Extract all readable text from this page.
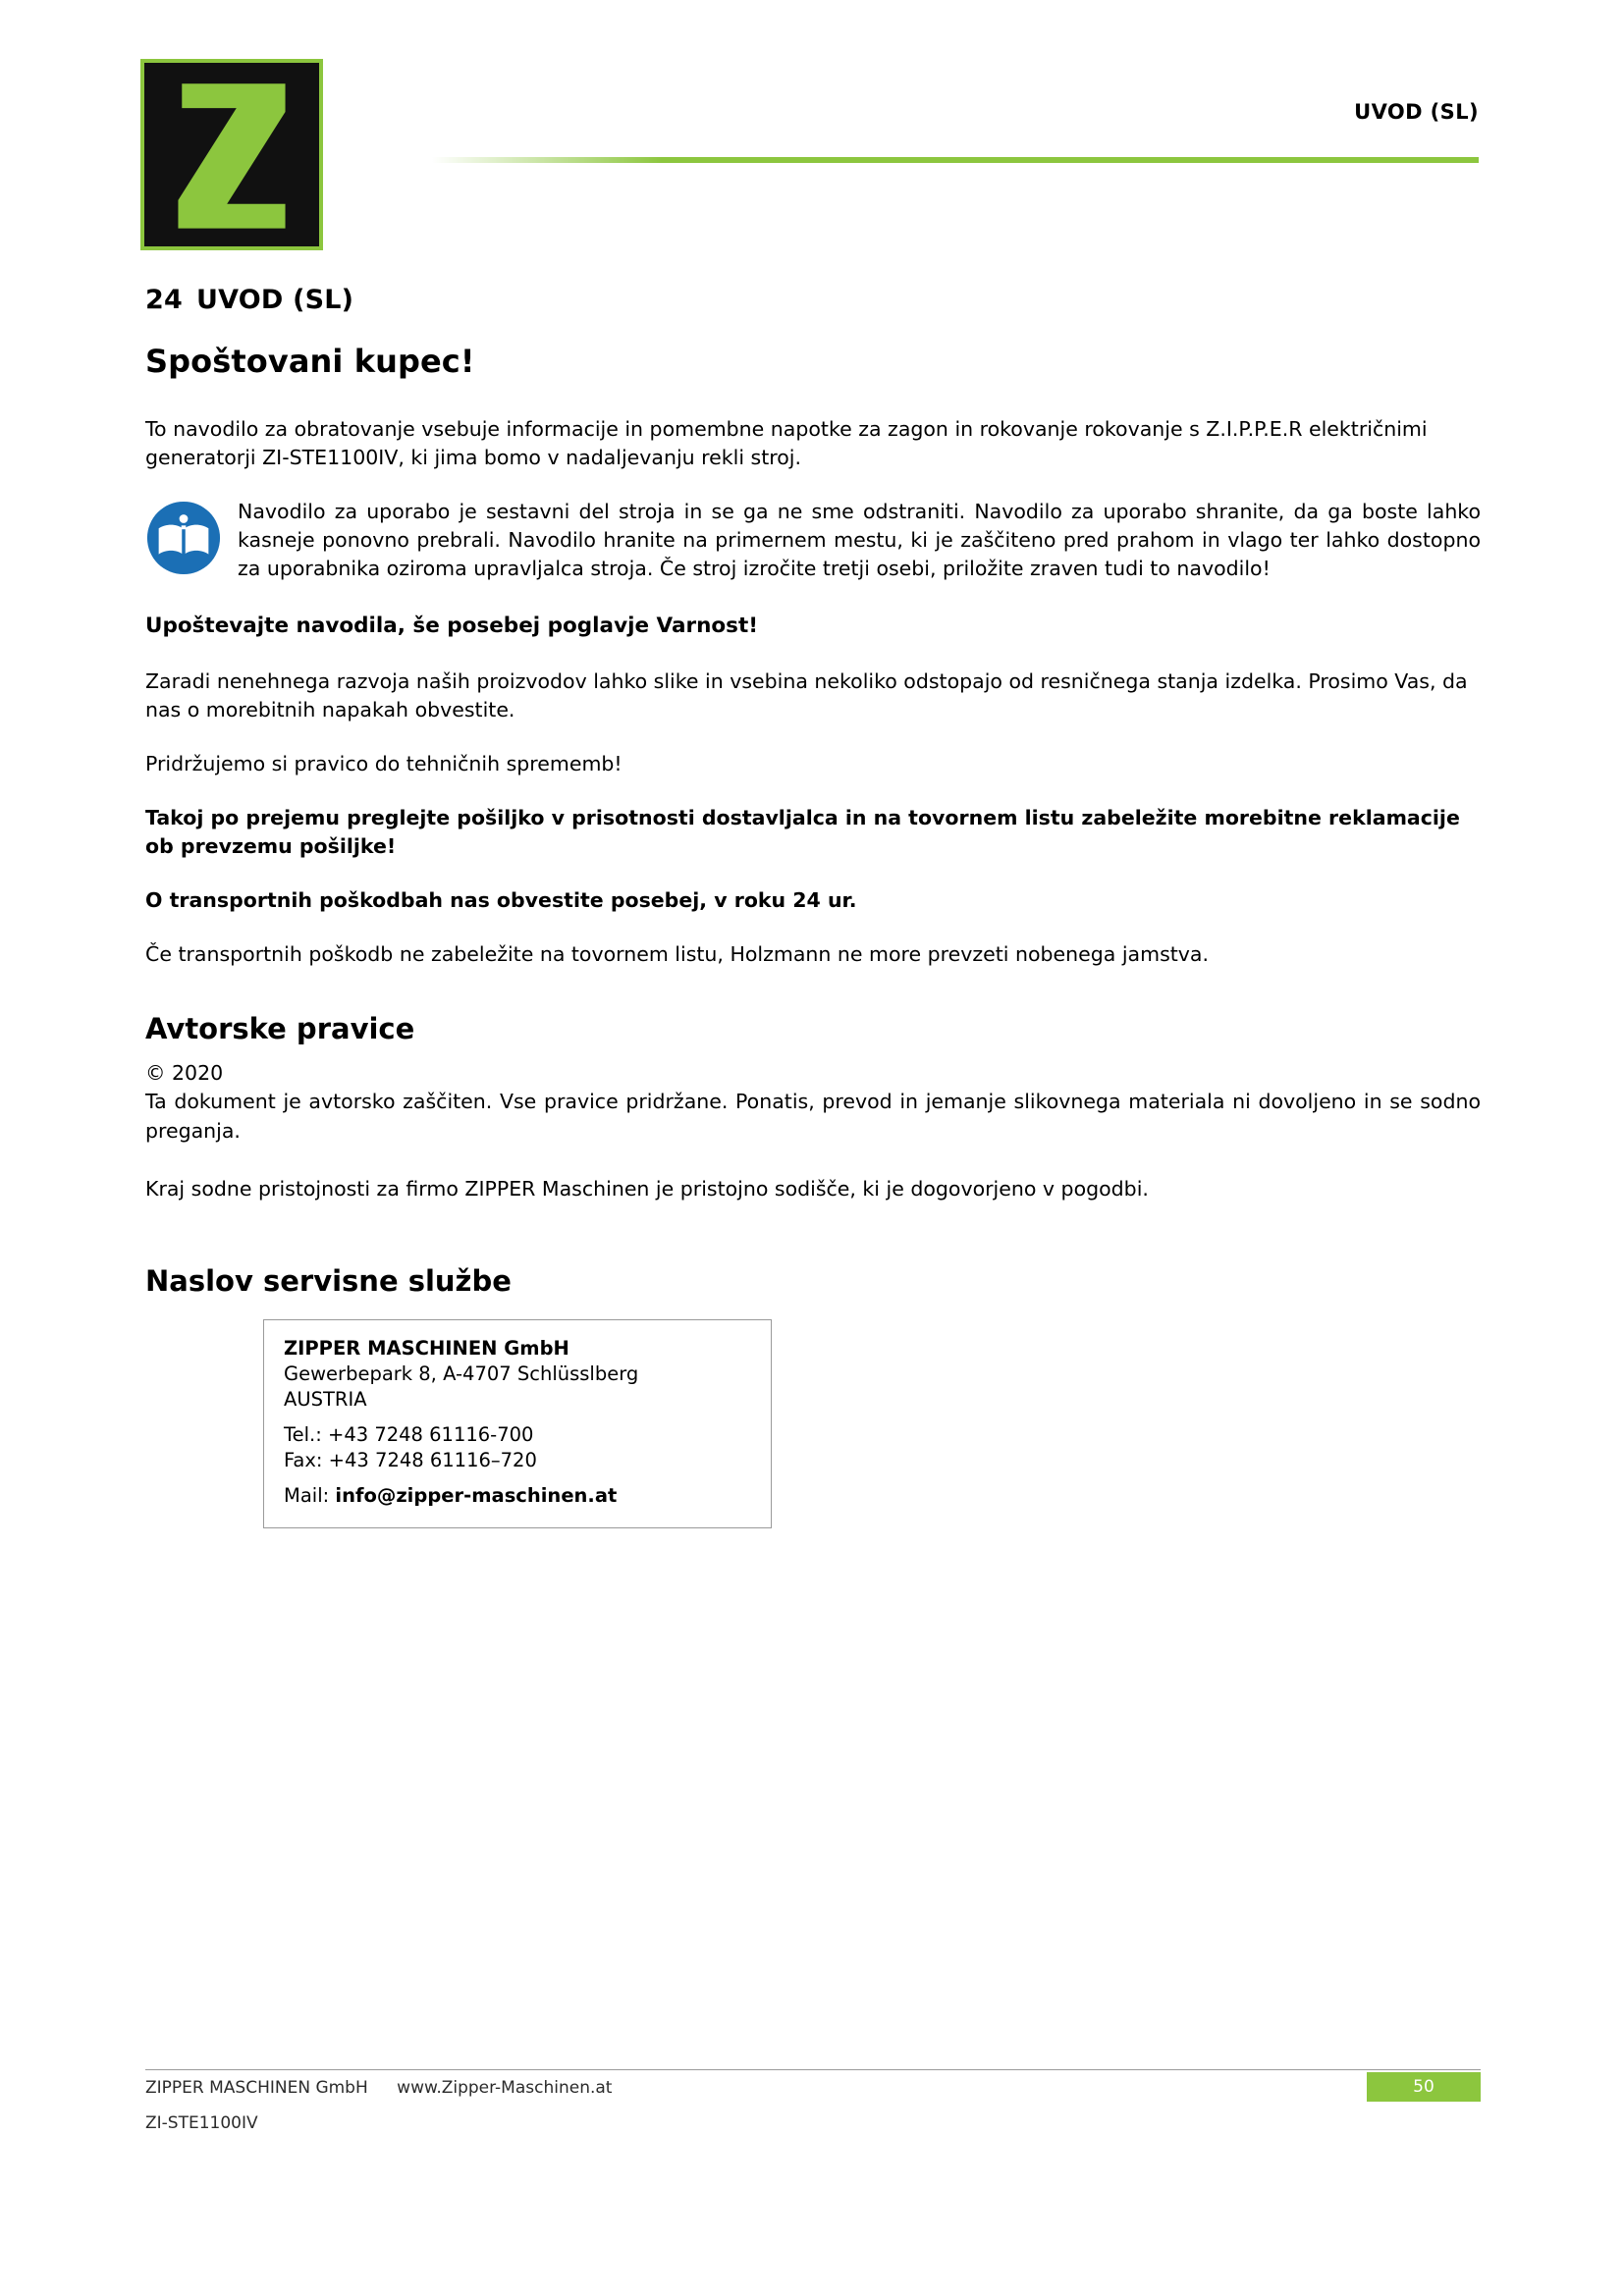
UVOD (SL)
24 UVOD (SL)
Spoštovani kupec!

To navodilo za obratovanje vsebuje informacije in pomembne napotke za zagon in rokovanje rokovanje s Z.I.P.P.E.R električnimi generatorji ZI-STE1100IV, ki jima bomo v nadaljevanju rekli stroj.

Navodilo za uporabo je sestavni del stroja in se ga ne sme odstraniti. Navodilo za uporabo shranite, da ga boste lahko kasneje ponovno prebrali. Navodilo hranite na primernem mestu, ki je zaščiteno pred prahom in vlago ter lahko dostopno za uporabnika oziroma upravljalca stroja. Če stroj izročite tretji osebi, priložite zraven tudi to navodilo!
Upoštevajte navodila, še posebej poglavje Varnost!

Zaradi nenehnega razvoja naših proizvodov lahko slike in vsebina nekoliko odstopajo od resničnega stanja izdelka. Prosimo Vas, da nas o morebitnih napakah obvestite.

Pridržujemo si pravico do tehničnih sprememb!

Takoj po prejemu preglejte pošiljko v prisotnosti dostavljalca in na tovornem listu zabeležite morebitne reklamacije ob prevzemu pošiljke!

O transportnih poškodbah nas obvestite posebej, v roku 24 ur.

Če transportnih poškodb ne zabeležite na tovornem listu, Holzmann ne more prevzeti nobenega jamstva.

Avtorske pravice

© 2020

Ta dokument je avtorsko zaščiten. Vse pravice pridržane. Ponatis, prevod in jemanje slikovnega materiala ni dovoljeno in se sodno preganja.

Kraj sodne pristojnosti za firmo ZIPPER Maschinen je pristojno sodišče, ki je dogovorjeno v pogodbi.

Naslov servisne službe

ZIPPER MASCHINEN GmbH

Gewerbepark 8, A-4707 Schlüsslberg

AUSTRIA

Tel.: +43 7248 61116-700

Fax: +43 7248 61116–720

Mail: info@zipper-maschinen.at

ZIPPER MASCHINEN GmbH www.Zipper-Maschinen.at	50
ZI-STE1100IV
